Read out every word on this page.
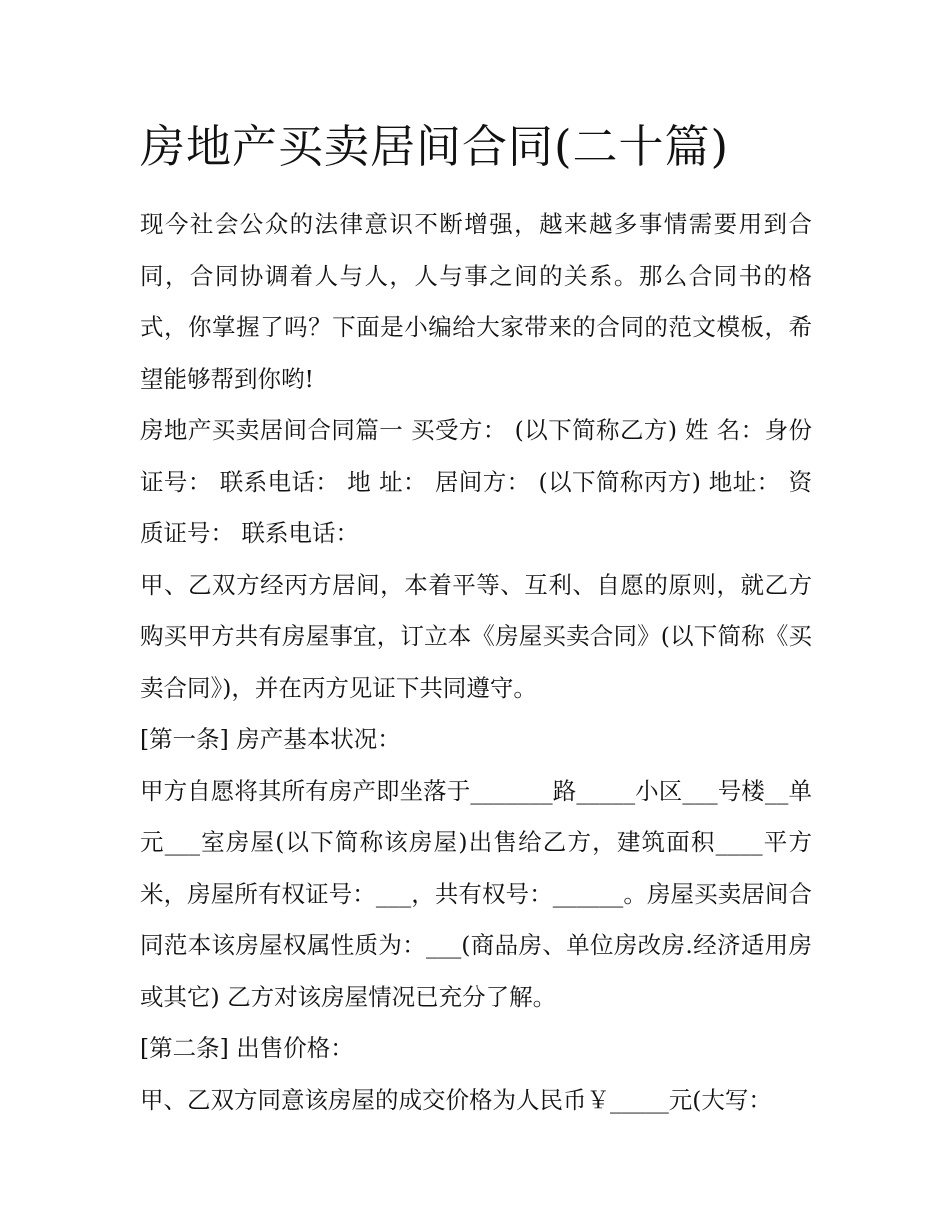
房地产买卖居间合同(二十篇)

现今社会公众的法律意识不断增强，越来越多事情需要用到合同，合同协调着人与人，人与事之间的关系。那么合同书的格式，你掌握了吗？下面是小编给大家带来的合同的范文模板，希望能够帮到你哟!

房地产买卖居间合同篇一 买受方： (以下简称乙方) 姓 名：身份证号： 联系电话： 地 址： 居间方： (以下简称丙方) 地址： 资质证号： 联系电话：

甲、乙双方经丙方居间，本着平等、互利、自愿的原则，就乙方购买甲方共有房屋事宜，订立本《房屋买卖合同》(以下简称《买卖合同》)，并在丙方见证下共同遵守。

[第一条] 房产基本状况：

甲方自愿将其所有房产即坐落于_______路_____小区___号楼__单元___室房屋(以下简称该房屋)出售给乙方，建筑面积____平方米，房屋所有权证号：___，共有权号：______。房屋买卖居间合同范本该房屋权属性质为：___(商品房、单位房改房.经济适用房或其它) 乙方对该房屋情况已充分了解。

[第二条] 出售价格：

甲、乙双方同意该房屋的成交价格为人民币￥_____元(大写：
